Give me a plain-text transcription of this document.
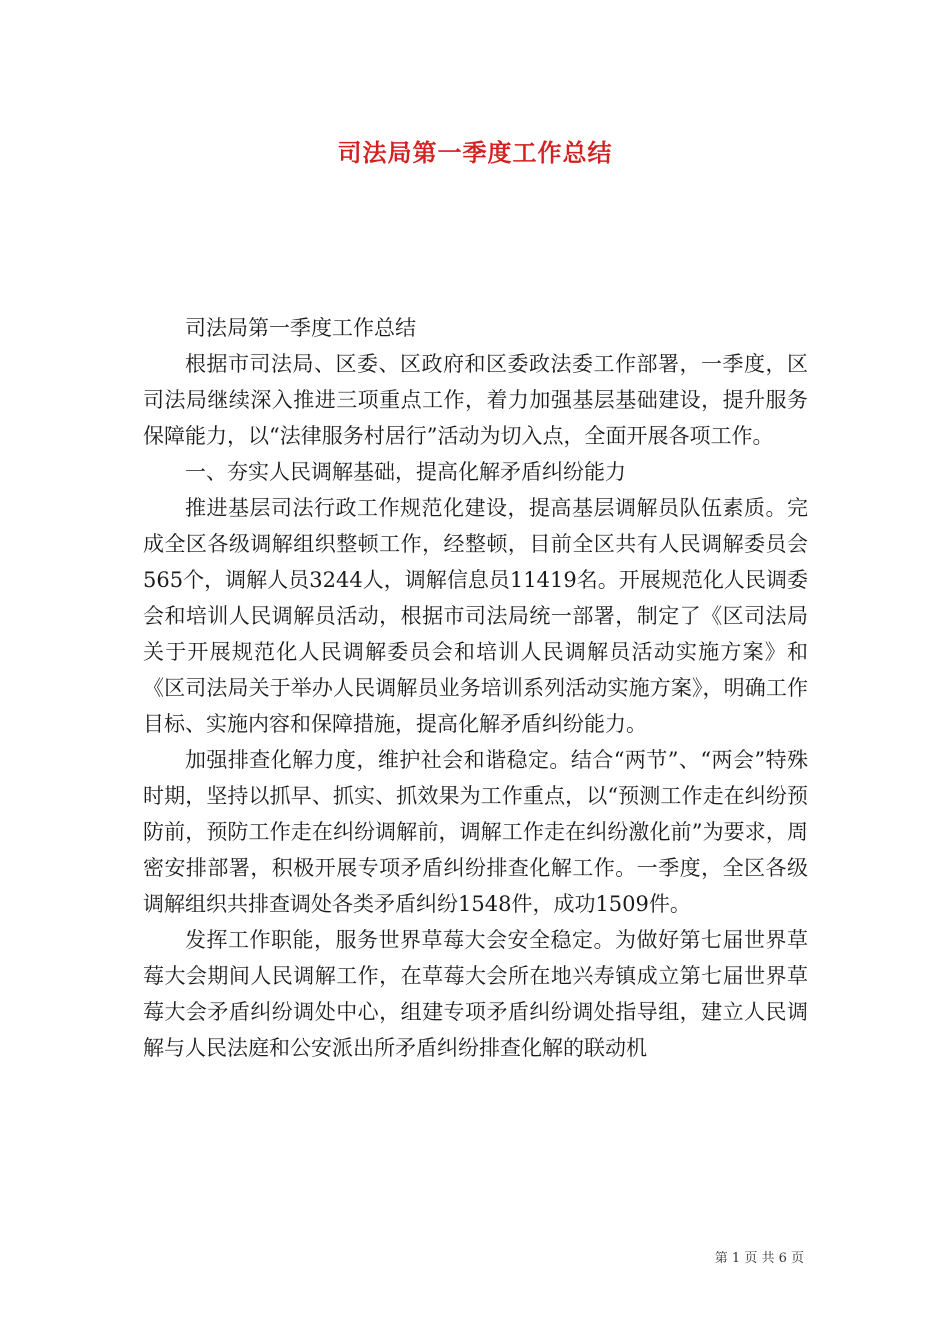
司法局第一季度工作总结

司法局第一季度工作总结

根据市司法局、区委、区政府和区委政法委工作部署，一季度，区司法局继续深入推进三项重点工作，着力加强基层基础建设，提升服务保障能力，以“法律服务村居行”活动为切入点，全面开展各项工作。

一、夯实人民调解基础，提高化解矛盾纠纷能力

推进基层司法行政工作规范化建设，提高基层调解员队伍素质。完成全区各级调解组织整顿工作，经整顿，目前全区共有人民调解委员会565个，调解人员3244人，调解信息员11419名。开展规范化人民调委会和培训人民调解员活动，根据市司法局统一部署，制定了《区司法局关于开展规范化人民调解委员会和培训人民调解员活动实施方案》和《区司法局关于举办人民调解员业务培训系列活动实施方案》，明确工作目标、实施内容和保障措施，提高化解矛盾纠纷能力。

加强排查化解力度，维护社会和谐稳定。结合“两节”、“两会”特殊时期，坚持以抓早、抓实、抓效果为工作重点，以“预测工作走在纠纷预防前，预防工作走在纠纷调解前，调解工作走在纠纷激化前”为要求，周密安排部署，积极开展专项矛盾纠纷排查化解工作。一季度，全区各级调解组织共排查调处各类矛盾纠纷1548件，成功1509件。

发挥工作职能，服务世界草莓大会安全稳定。为做好第七届世界草莓大会期间人民调解工作，在草莓大会所在地兴寿镇成立第七届世界草莓大会矛盾纠纷调处中心，组建专项矛盾纠纷调处指导组，建立人民调解与人民法庭和公安派出所矛盾纠纷排查化解的联动机

第 1 页 共 6 页
